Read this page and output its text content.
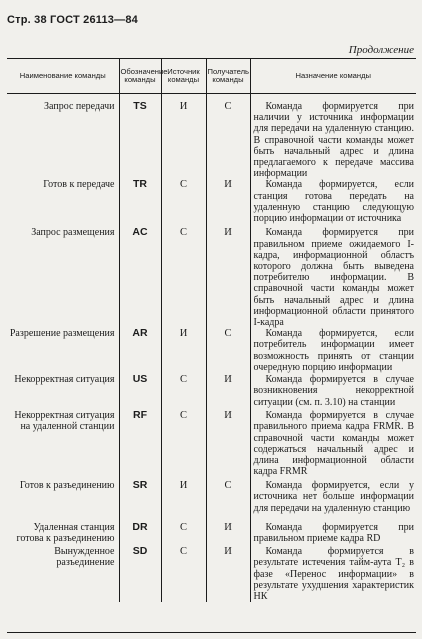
Стр. 38 ГОСТ 26113—84
Продолжение
Наименование команды	Обозначение команды	Источник команды	Получатель команды	Назначение команды
Запрос передачи	TS	И	С	Команда формируется при наличии у источника информации для передачи на удаленную станцию. В справочной части команды может быть начальный адрес и длина предлагаемого к передаче массива информации
Готов к передаче	TR	С	И	Команда формируется, если станция готова передать на удаленную станцию следующую порцию информации от источника
Запрос размещения	AC	С	И	Команда формируется при правильном приеме ожидаемого I-кадра, информационной областъ которого должна быть выведена потребителю информации. В справочной части команды может быть начальный адрес и длина информационной области принятого I-кадра
Разрешение размещения	AR	И	С	Команда формируется, если потребитель информации имеет возможность принять от станции очередную порцию информации
Некорректная ситуация	US	С	И	Команда формируется в случае возникновения некорректной ситуации (см. п. 3.10) на станции
Некорректная ситуация на удаленной станции	RF	С	И	Команда формируется в случае правильного приема кадра FRMR. В справочной части команды может содержаться начальный адрес и длина информационной области кадра FRMR
Готов к разъединению	SR	И	С	Команда формируется, если у источника нет больше информации для передачи на удаленную станцию
Удаленная станция готова к разъединению	DR	С	И	Команда формируется при правильном приеме кадра RD
Вынужденное разъединение	SD	С	И	Команда формируется в результате истечения тайм-аута T₂ в фазе «Перенос информации» в результате ухудшения характеристик НК
